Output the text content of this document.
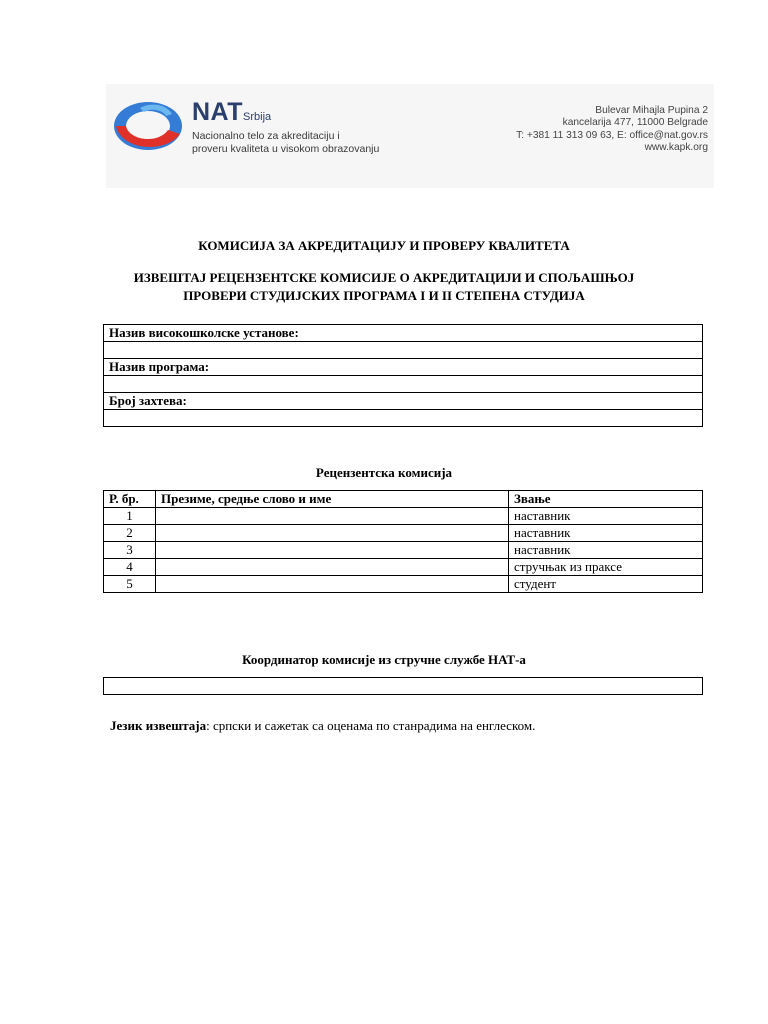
NATSrbija
Nacionalno telo za akreditaciju i
proveru kvaliteta u visokom obrazovanju
Bulevar Mihajla Pupina 2
kancelarija 477, 11000 Belgrade
T: +381 11 313 09 63, E: office@nat.gov.rs
www.kapk.org
КОМИСИЈА ЗА АКРЕДИТАЦИЈУ И ПРОВЕРУ КВАЛИТЕТА
ИЗВЕШТАЈ РЕЦЕНЗЕНТСКЕ КОМИСИЈЕ О АКРЕДИТАЦИЈИ И СПОЉАШЊОЈ
ПРОВЕРИ СТУДИЈСКИХ ПРОГРАМА I И II СТЕПЕНА СТУДИЈА
Назив високошколске установе:

Назив програма:

Број захтева:

Рецензентска комисија
Р. бр.	Презиме, средње слово и име	Звање
1		наставник
2		наставник
3		наставник
4		стручњак из праксе
5		студент
Координатор комисије из стручне службе НАТ-а
Језик извештаја: српски и сажетак са оценама по станрадима на енглеском.
